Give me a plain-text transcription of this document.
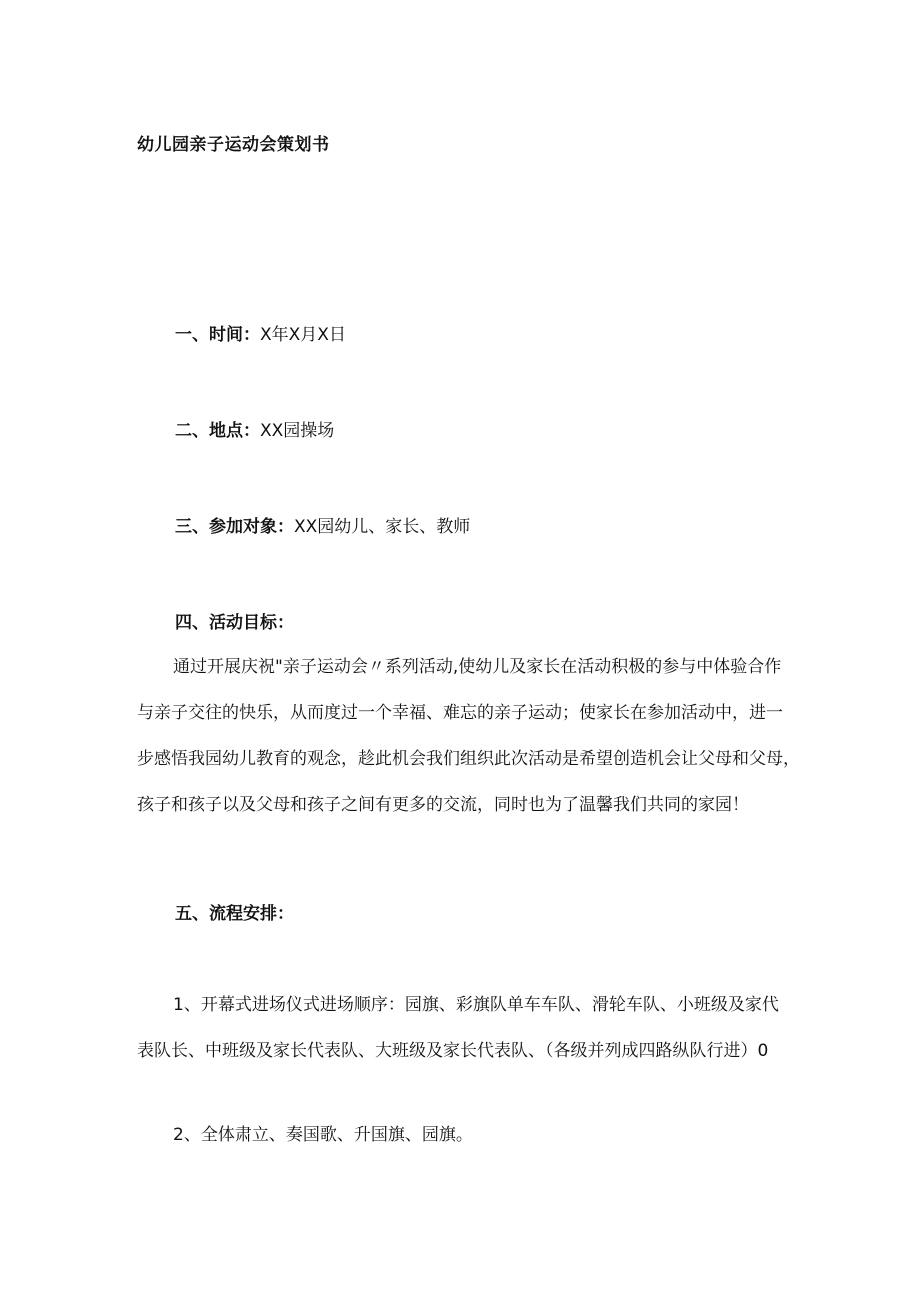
幼儿园亲子运动会策划书
一、时间：X年X月X日
二、地点：XX园操场
三、参加对象：XX园幼儿、家长、教师
四、活动目标：
通过开展庆祝"亲子运动会〃系列活动,使幼儿及家长在活动积极的参与中体验合作
与亲子交往的快乐，从而度过一个幸福、难忘的亲子运动；使家长在参加活动中，进一
步感悟我园幼儿教育的观念，趁此机会我们组织此次活动是希望创造机会让父母和父母，
孩子和孩子以及父母和孩子之间有更多的交流，同时也为了温馨我们共同的家园！
五、流程安排：
1、开幕式进场仪式进场顺序：园旗、彩旗队单车车队、滑轮车队、小班级及家代
表队长、中班级及家长代表队、大班级及家长代表队、（各级并列成四路纵队行进）0
2、全体肃立、奏国歌、升国旗、园旗。
